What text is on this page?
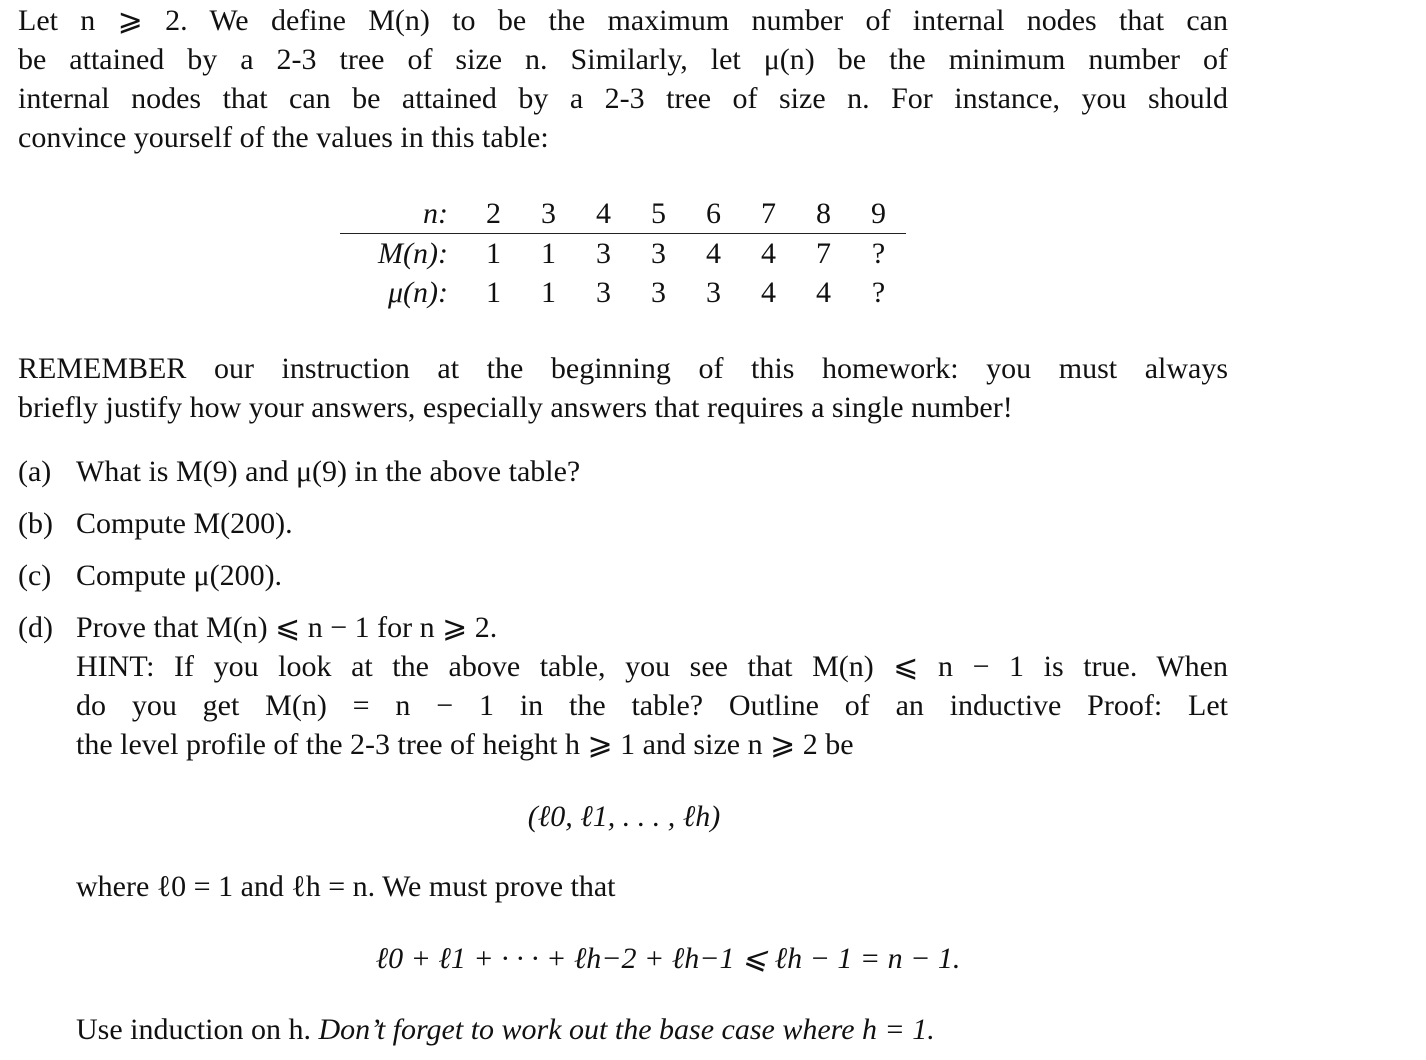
Let n ⩾ 2. We define M(n) to be the maximum number of internal nodes that can

be attained by a 2-3 tree of size n. Similarly, let μ(n) be the minimum number of

internal nodes that can be attained by a 2-3 tree of size n. For instance, you should

convince yourself of the values in this table:

n:	2	3	4	5	6	7	8	9
M(n):	1	1	3	3	4	4	7	?
μ(n):	1	1	3	3	3	4	4	?

REMEMBER our instruction at the beginning of this homework: you must always

briefly justify how your answers, especially answers that requires a single number!

(a) What is M(9) and μ(9) in the above table?
(b) Compute M(200).
(c) Compute μ(200).
(d) Prove that M(n) ⩽ n − 1 for n ⩾ 2.

HINT: If you look at the above table, you see that M(n) ⩽ n − 1 is true. When

do you get M(n) = n − 1 in the table? Outline of an inductive Proof: Let

the level profile of the 2-3 tree of height h ⩾ 1 and size n ⩾ 2 be

(ℓ0, ℓ1, . . . , ℓh)
where ℓ0 = 1 and ℓh = n. We must prove that
ℓ0 + ℓ1 + · · · + ℓh−2 + ℓh−1 ⩽ ℓh − 1 = n − 1.
Use induction on h. Don’t forget to work out the base case where h = 1.
